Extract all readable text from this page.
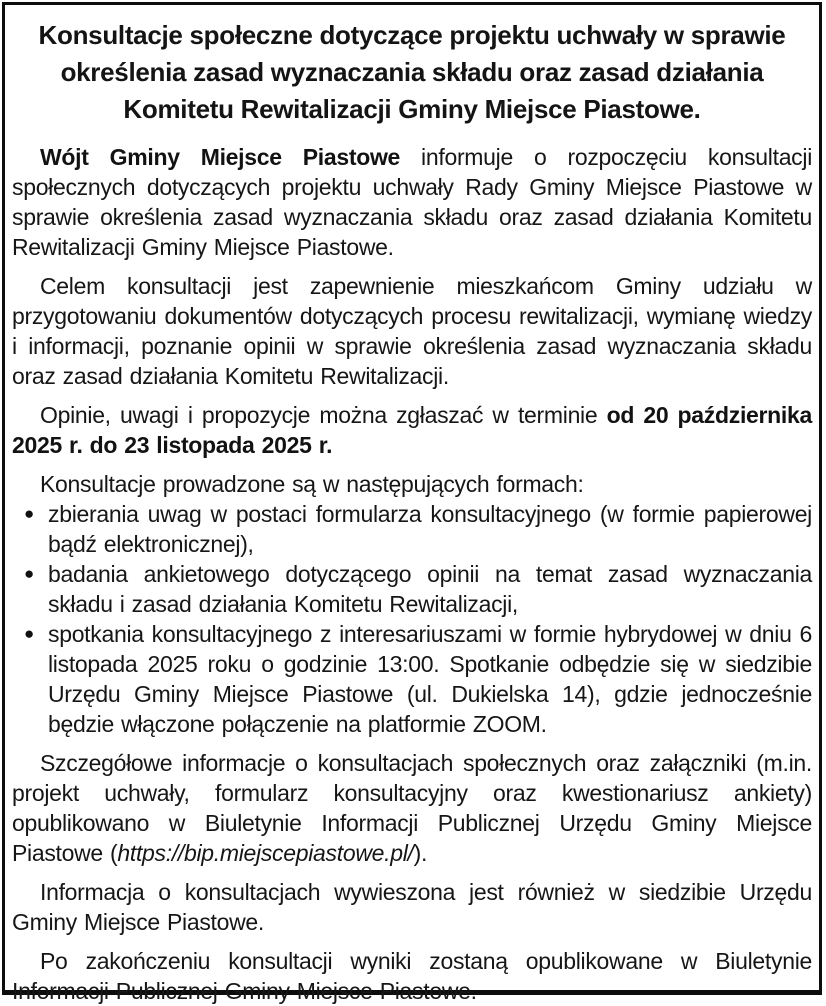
Konsultacje społeczne dotyczące projektu uchwały w sprawie określenia zasad wyznaczania składu oraz zasad działania Komitetu Rewitalizacji Gminy Miejsce Piastowe.

Wójt Gminy Miejsce Piastowe informuje o rozpoczęciu konsultacji społecznych dotyczących projektu uchwały Rady Gminy Miejsce Piastowe w sprawie określenia zasad wyznaczania składu oraz zasad działania Komitetu Rewitalizacji Gminy Miejsce Piastowe.

Celem konsultacji jest zapewnienie mieszkańcom Gminy udziału w przygotowaniu dokumentów dotyczących procesu rewitalizacji, wymianę wiedzy i informacji, poznanie opinii w sprawie określenia zasad wyznaczania składu oraz zasad działania Komitetu Rewitalizacji.

Opinie, uwagi i propozycje można zgłaszać w terminie od 20 października 2025 r. do 23 listopada 2025 r.

Konsultacje prowadzone są w następujących formach:

● zbierania uwag w postaci formularza konsultacyjnego (w formie papierowej bądź elektronicznej),
● badania ankietowego dotyczącego opinii na temat zasad wyznaczania składu i zasad działania Komitetu Rewitalizacji,
● spotkania konsultacyjnego z interesariuszami w formie hybrydowej w dniu 6 listopada 2025 roku o godzinie 13:00. Spotkanie odbędzie się w siedzibie Urzędu Gminy Miejsce Piastowe (ul. Dukielska 14), gdzie jednocześnie będzie włączone połączenie na platformie ZOOM.

Szczegółowe informacje o konsultacjach społecznych oraz załączniki (m.in. projekt uchwały, formularz konsultacyjny oraz kwestionariusz ankiety) opublikowano w Biuletynie Informacji Publicznej Urzędu Gminy Miejsce Piastowe (https://bip.miejscepiastowe.pl/).

Informacja o konsultacjach wywieszona jest również w siedzibie Urzędu Gminy Miejsce Piastowe.

Po zakończeniu konsultacji wyniki zostaną opublikowane w Biuletynie Informacji Publicznej Gminy Miejsce Piastowe.
